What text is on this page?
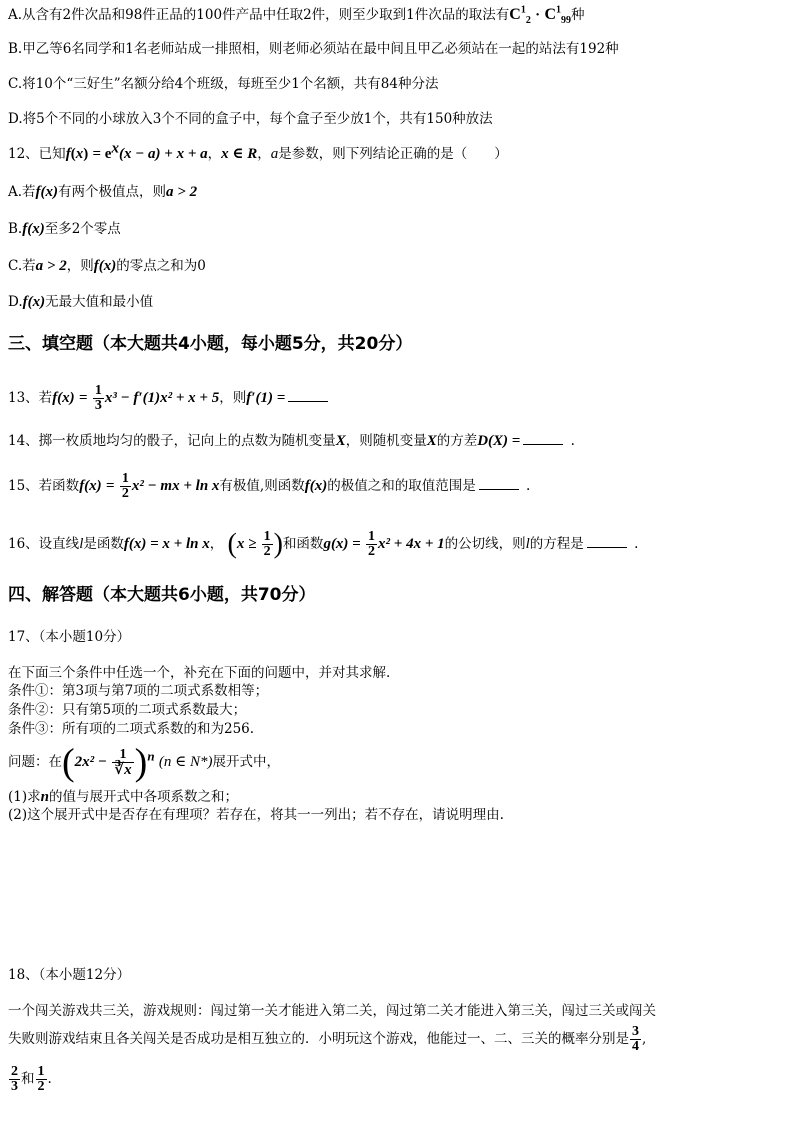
A.从含有2件次品和98件正品的100件产品中任取2件，则至少取到1件次品的取法有$C^1_2 \cdot C^1_{99}$种
B.甲乙等6名同学和1名老师站成一排照相，则老师必须站在最中间且甲乙必须站在一起的站法有192种
C.将10个“三好生”名额分给4个班级，每班至少1个名额，共有84种分法
D.将5个不同的小球放入3个不同的盒子中，每个盒子至少放1个，共有150种放法
12、已知$f(x) = e^x(x - a) + x + a$，x ∈ R，a是参数，则下列结论正确的是（　　）
A.若f(x)有两个极值点，则a > 2
B.f(x)至多2个零点
C.若a > 2，则f(x)的零点之和为0
D.f(x)无最大值和最小值
三、填空题（本大题共4小题，每小题5分，共20分）
13、若$f(x) = \frac{1}{3} x^3 - f'(1)x^2 + x + 5$，则f′(1) =
14、掷一枚质地均匀的骰子，记向上的点数为随机变量X，则随机变量X的方差D(X) =	.
15、若函数$f(x) = \frac{1}{2} x^2$ − mx + ln x有极值,则函数f(x)的极值之和的取值范围是	.
16、设直线l是函数f(x) = x + ln x， ($x \ge \frac{1}{2}$ )和函数$g(x) = \frac{1}{2} x^2 + 4x + 1$的公切线，则l的方程是	.
四、解答题（本大题共6小题，共70分）
17、（本小题10分）
在下面三个条件中任选一个，补充在下面的问题中，并对其求解.
条件①：第3项与第7项的二项式系数相等；
条件②：只有第5项的二项式系数最大；
条件③：所有项的二项式系数的和为256.
问题：在$(2x^2 - \frac{1}{∛x} )^n$ (n ∈ N*)展开式中，
(1)求n的值与展开式中各项系数之和；
(2)这个展开式中是否存在有理项？若存在，将其一一列出；若不存在，请说明理由.
18、（本小题12分）
一个闯关游戏共三关，游戏规则：闯过第一关才能进入第二关，闯过第二关才能进入第三关，闯过三关或闯关
失败则游戏结束且各关闯关是否成功是相互独立的．小明玩这个游戏，他能过一、二、三关的概率分别是 $\frac{3}{4}$ ,
$\frac{2}{3}$ 和 $\frac{1}{2}$ .
